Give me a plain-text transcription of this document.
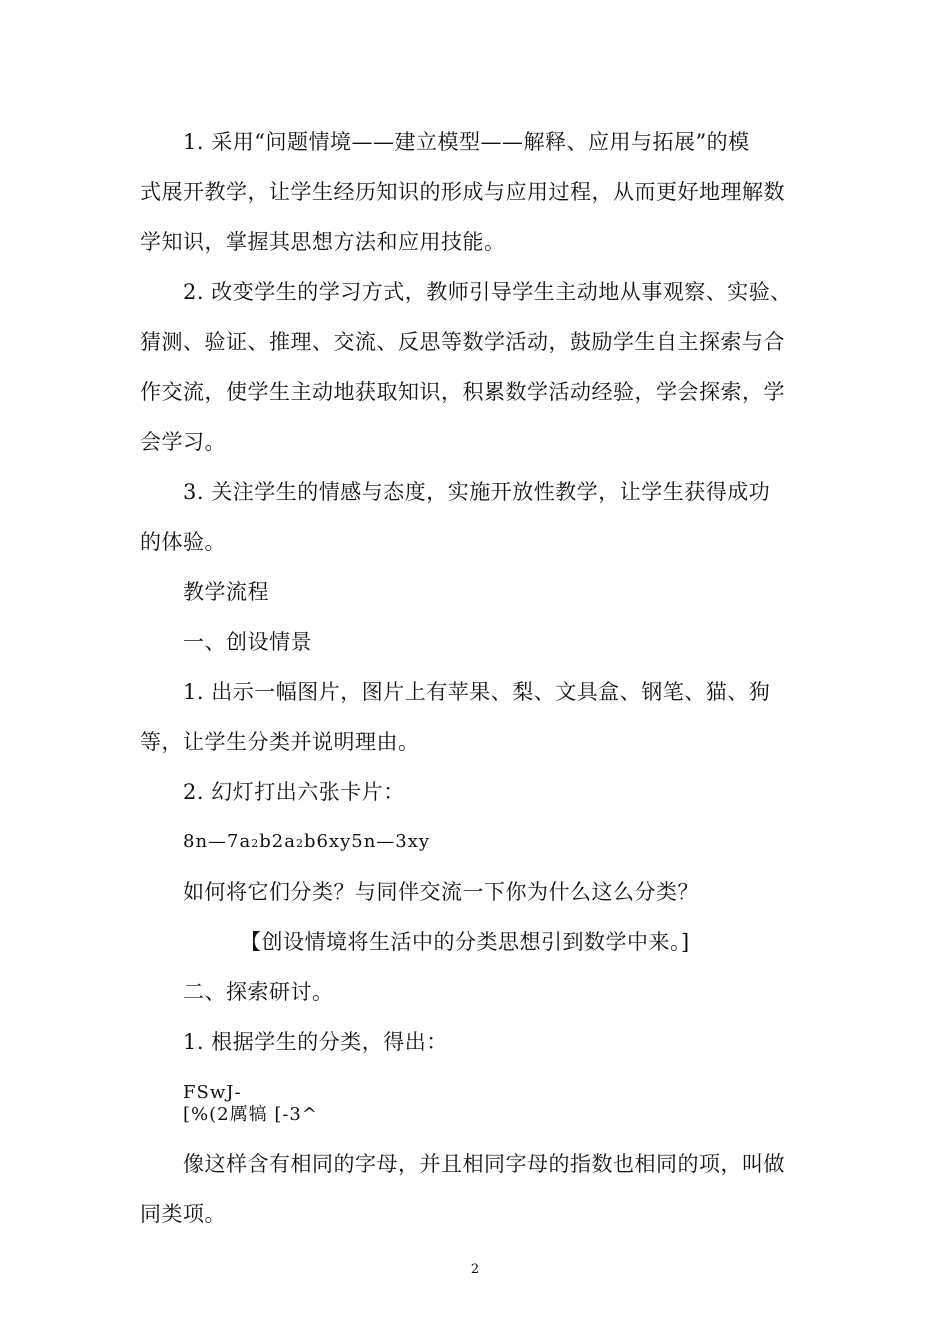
1. 采用“问题情境——建立模型——解释、应用与拓展”的模
式展开教学，让学生经历知识的形成与应用过程，从而更好地理解数
学知识，掌握其思想方法和应用技能。
2. 改变学生的学习方式，教师引导学生主动地从事观察、实验、
猜测、验证、推理、交流、反思等数学活动，鼓励学生自主探索与合
作交流，使学生主动地获取知识，积累数学活动经验，学会探索，学
会学习。
3. 关注学生的情感与态度，实施开放性教学，让学生获得成功
的体验。
教学流程
一、创设情景
1. 出示一幅图片，图片上有苹果、梨、文具盒、钢笔、猫、狗
等，让学生分类并说明理由。
2. 幻灯打出六张卡片：
8n—7a2b2a2b6xy5n—3xy
如何将它们分类？与同伴交流一下你为什么这么分类？
【创设情境将生活中的分类思想引到数学中来。]
二、探索研讨。
1. 根据学生的分类，得出：
FSwJ-
[%(2厲犒 [-3^
像这样含有相同的字母，并且相同字母的指数也相同的项，叫做
同类项。
2
